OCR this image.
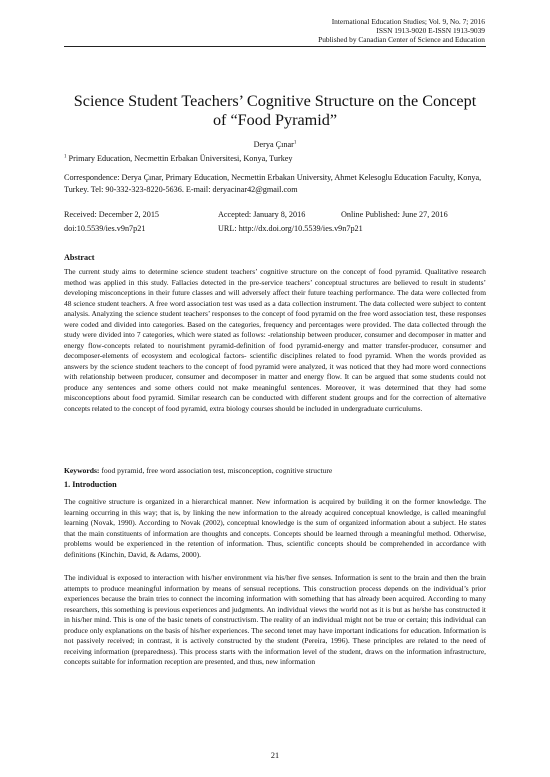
International Education Studies; Vol. 9, No. 7; 2016
ISSN 1913-9020 E-ISSN 1913-9039
Published by Canadian Center of Science and Education
Science Student Teachers’ Cognitive Structure on the Concept of “Food Pyramid”
Derya Çınar$^1$
$^1$ Primary Education, Necmettin Erbakan Üniversitesi, Konya, Turkey
Correspondence: Derya Çınar, Primary Education, Necmettin Erbakan University, Ahmet Kelesoglu Education Faculty, Konya, Turkey. Tel: 90-332-323-8220-5636. E-mail: deryacinar42@gmail.com
Received: December 2, 2015	Accepted: January 8, 2016	Online Published: June 27, 2016
doi:10.5539/ies.v9n7p21	URL: http://dx.doi.org/10.5539/ies.v9n7p21
Abstract
The current study aims to determine science student teachers’ cognitive structure on the concept of food pyramid. Qualitative research method was applied in this study. Fallacies detected in the pre-service teachers’ conceptual structures are believed to result in students’ developing misconceptions in their future classes and will adversely affect their future teaching performance. The data were collected from 48 science student teachers. A free word association test was used as a data collection instrument. The data collected were subject to content analysis. Analyzing the science student teachers’ responses to the concept of food pyramid on the free word association test, these responses were coded and divided into categories. Based on the categories, frequency and percentages were provided. The data collected through the study were divided into 7 categories, which were stated as follows: -relationship between producer, consumer and decomposer in matter and energy flow-concepts related to nourishment pyramid-definition of food pyramid-energy and matter transfer-producer, consumer and decomposer-elements of ecosystem and ecological factors- scientific disciplines related to food pyramid. When the words provided as answers by the science student teachers to the concept of food pyramid were analyzed, it was noticed that they had more word connections with relationship between producer, consumer and decomposer in matter and energy flow. It can be argued that some students could not produce any sentences and some others could not make meaningful sentences. Moreover, it was determined that they had some misconceptions about food pyramid. Similar research can be conducted with different student groups and for the correction of alternative concepts related to the concept of food pyramid, extra biology courses should be included in undergraduate curriculums.
Keywords: food pyramid, free word association test, misconception, cognitive structure
1. Introduction
The cognitive structure is organized in a hierarchical manner. New information is acquired by building it on the former knowledge. The learning occurring in this way; that is, by linking the new information to the already acquired conceptual knowledge, is called meaningful learning (Novak, 1990). According to Novak (2002), conceptual knowledge is the sum of organized information about a subject. He states that the main constituents of information are thoughts and concepts. Concepts should be learned through a meaningful method. Otherwise, problems would be experienced in the retention of information. Thus, scientific concepts should be comprehended in accordance with definitions (Kinchin, David, & Adams, 2000).
The individual is exposed to interaction with his/her environment via his/her five senses. Information is sent to the brain and then the brain attempts to produce meaningful information by means of sensual receptions. This construction process depends on the individual’s prior experiences because the brain tries to connect the incoming information with something that has already been acquired. According to many researchers, this something is previous experiences and judgments. An individual views the world not as it is but as he/she has constructed it in his/her mind. This is one of the basic tenets of constructivism. The reality of an individual might not be true or certain; this individual can produce only explanations on the basis of his/her experiences. The second tenet may have important indications for education. Information is not passively received; in contrast, it is actively constructed by the student (Pereira, 1996). These principles are related to the need of receiving information (preparedness). This process starts with the information level of the student, draws on the information infrastructure, concepts suitable for information reception are presented, and thus, new information
21
